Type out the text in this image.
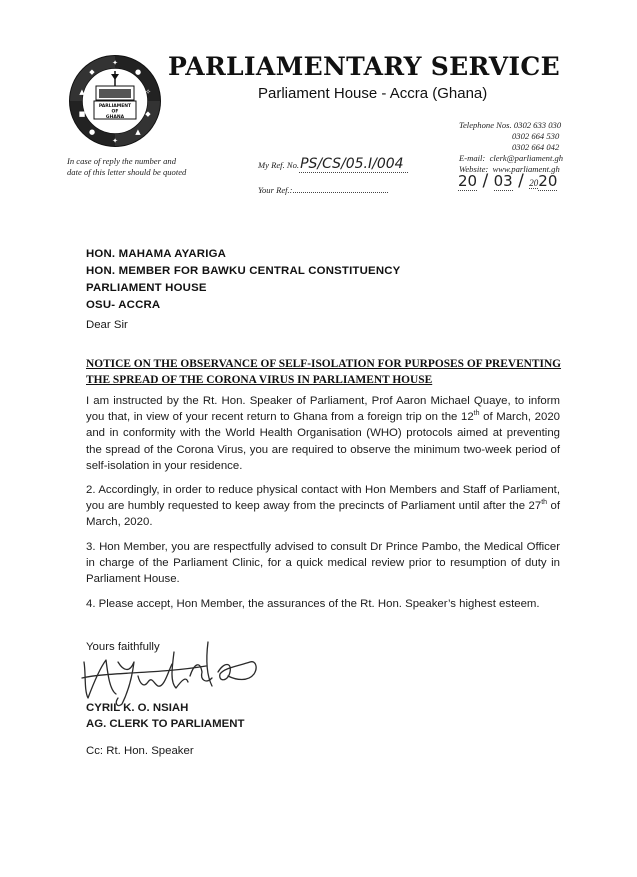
✦
◆	●
▲	✧
■	◆
●	▲
✦
PARLIAMENT
OF
GHANA
PARLIAMENTARY SERVICE
Parliament House - Accra (Ghana)
Telephone Nos. 0302 633 030
0302 664 530
0302 664 042
E-mail: clerk@parliament.gh
Website: www.parliament.gh
In case of reply the number and date of this letter should be quoted
My Ref. No.PS/CS/05.I/004
Your Ref.:	20 / 03 / 2020
HON. MAHAMA AYARIGA
HON. MEMBER FOR BAWKU CENTRAL CONSTITUENCY
PARLIAMENT HOUSE
OSU- ACCRA
Dear Sir
NOTICE ON THE OBSERVANCE OF SELF-ISOLATION FOR PURPOSES OF PREVENTING THE SPREAD OF THE CORONA VIRUS IN PARLIAMENT HOUSE
I am instructed by the Rt. Hon. Speaker of Parliament, Prof Aaron Michael Quaye, to inform you that, in view of your recent return to Ghana from a foreign trip on the 12th of March, 2020 and in conformity with the World Health Organisation (WHO) protocols aimed at preventing the spread of the Corona Virus, you are required to observe the minimum two-week period of self-isolation in your residence.
2. Accordingly, in order to reduce physical contact with Hon Members and Staff of Parliament, you are humbly requested to keep away from the precincts of Parliament until after the 27th of March, 2020.
3. Hon Member, you are respectfully advised to consult Dr Prince Pambo, the Medical Officer in charge of the Parliament Clinic, for a quick medical review prior to resumption of duty in Parliament House.
4. Please accept, Hon Member, the assurances of the Rt. Hon. Speaker’s highest esteem.
Yours faithfully
CYRIL K. O. NSIAH
AG. CLERK TO PARLIAMENT
Cc: Rt. Hon. Speaker
